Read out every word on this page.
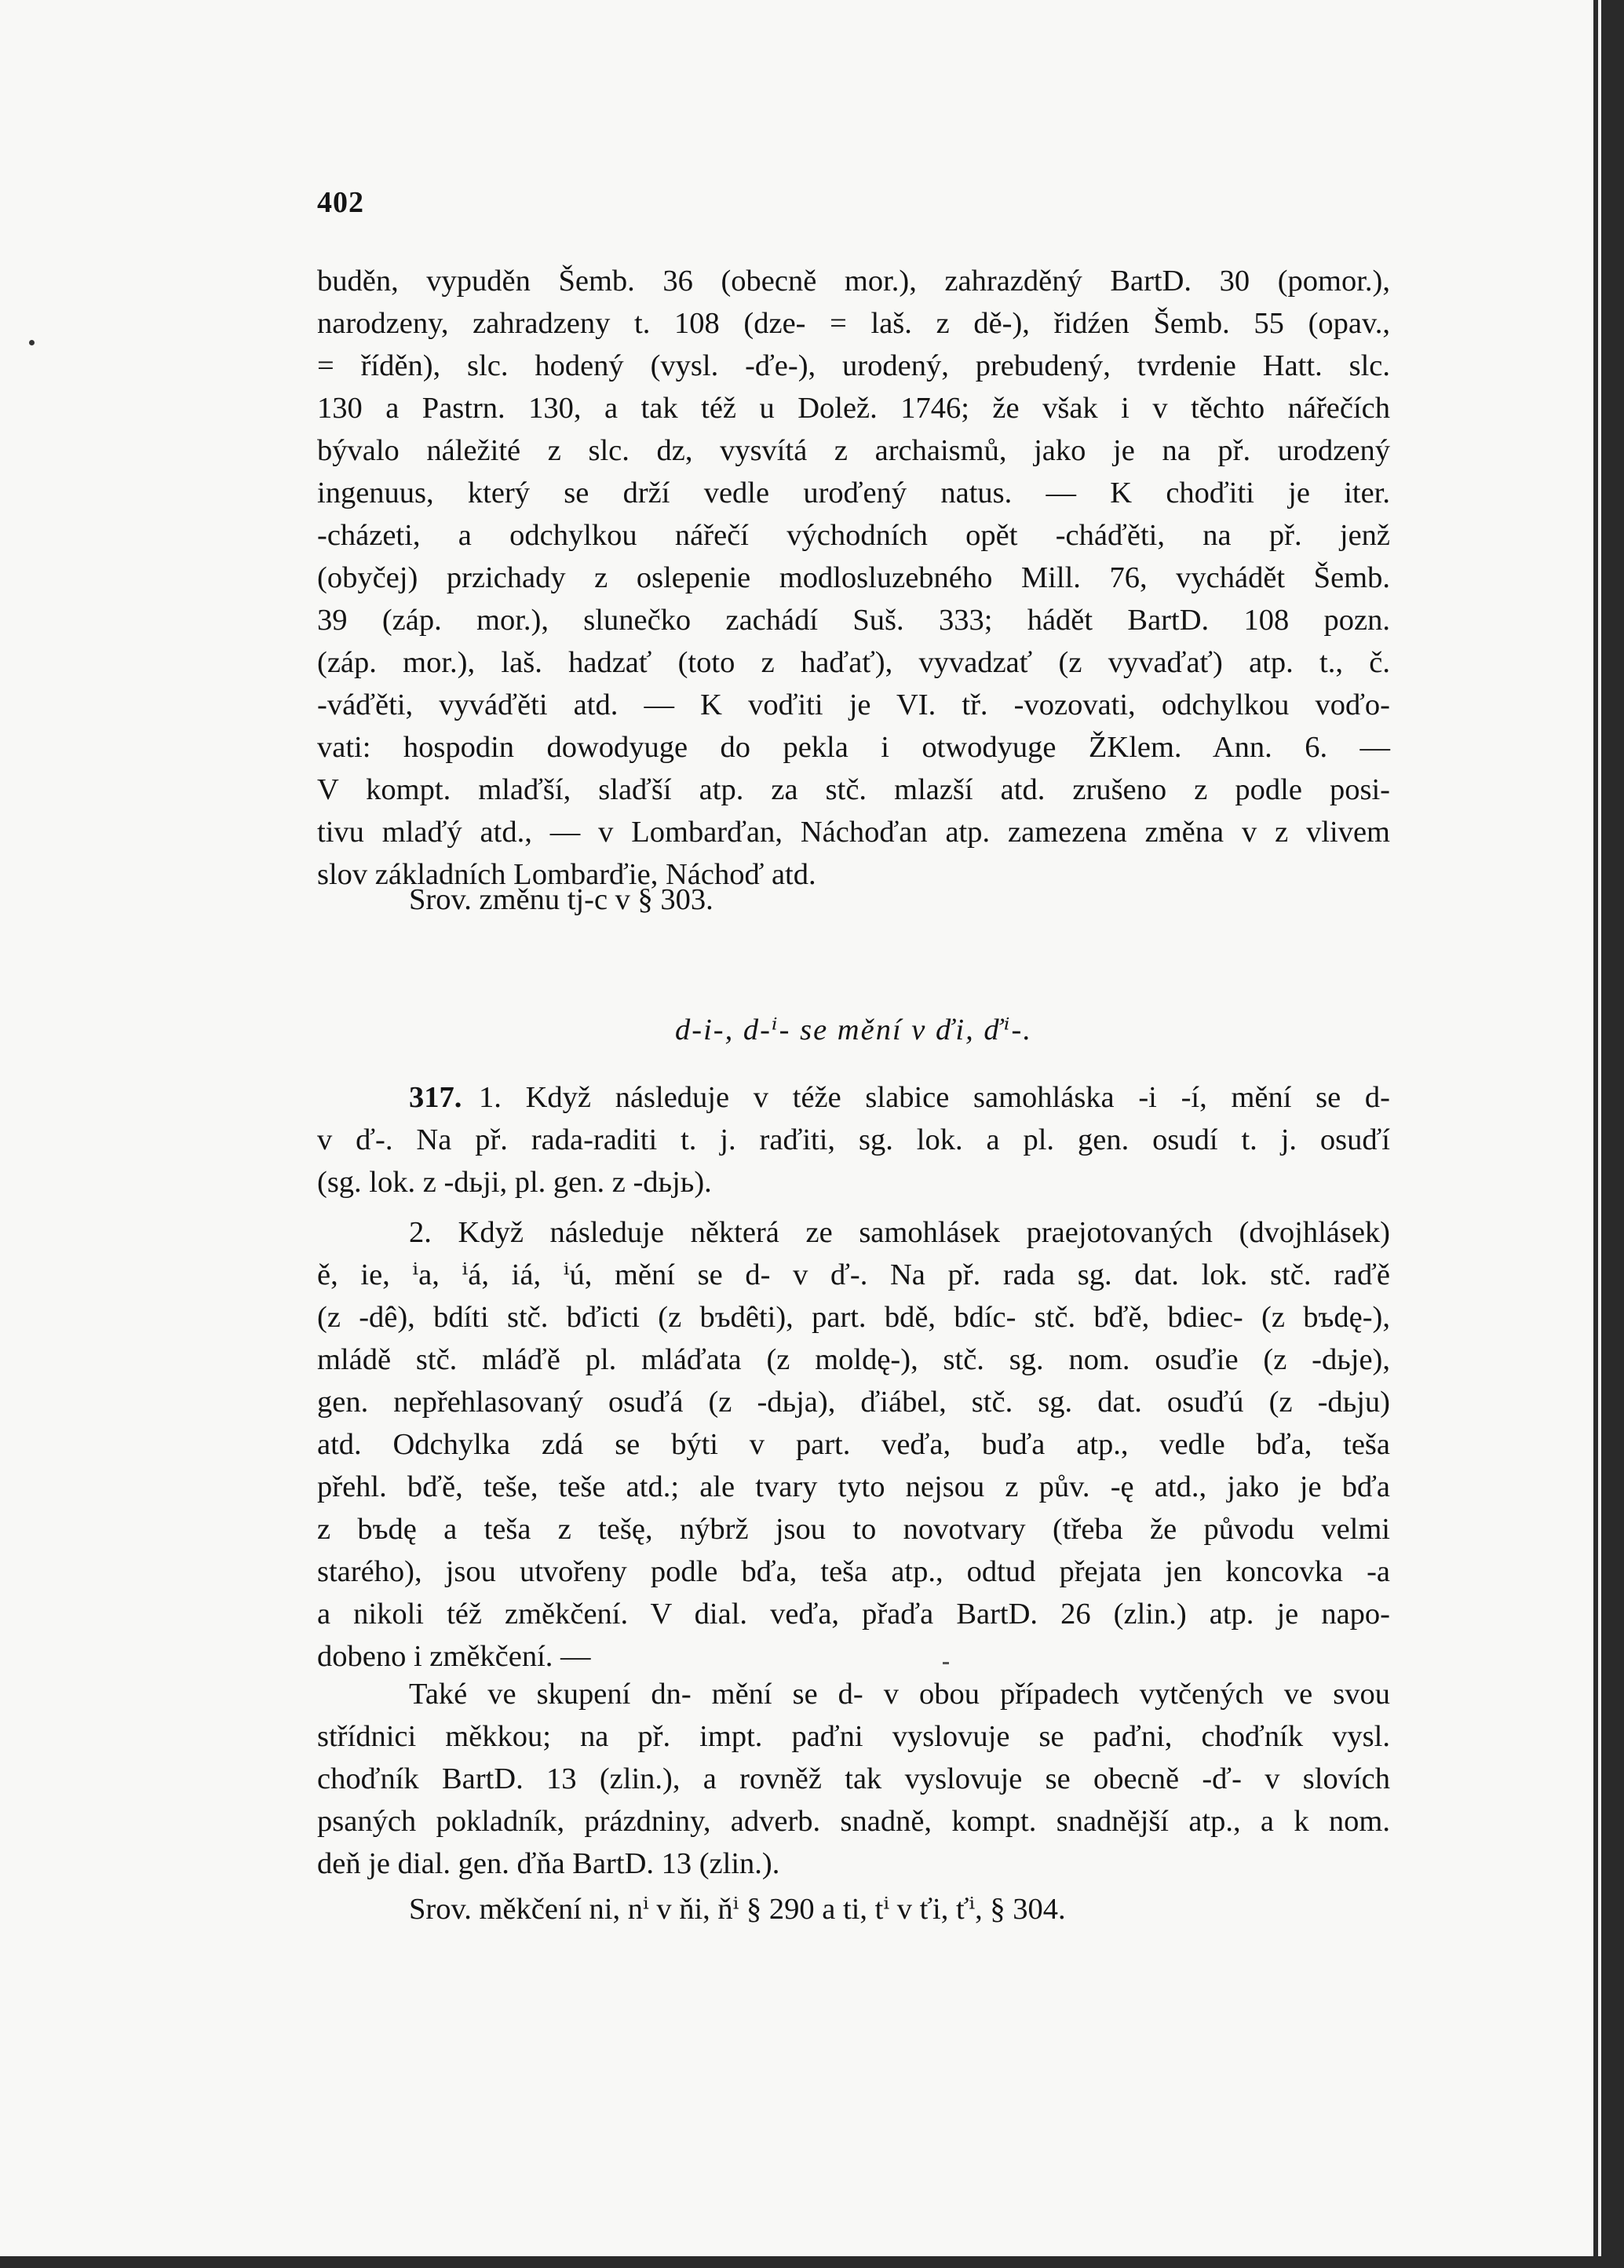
402
buděn, vypuděn Šemb. 36 (obecně mor.), zahrazděný BartD. 30 (pomor.),
narodzeny, zahradzeny t. 108 (dze- = laš. z dě-), řidźen Šemb. 55 (opav.,
= říděn), slc. hodený (vysl. -ďe-), urodený, prebudený, tvrdenie Hatt. slc.
130 a Pastrn. 130, a tak též u Dolež. 1746; že však i v těchto nářečích
bývalo náležité z slc. dz, vysvítá z archaismů, jako je na př. urodzený
ingenuus, který se drží vedle uroďený natus. — K choďiti je iter.
-cházeti, a odchylkou nářečí východních opět -cháďěti, na př. jenž
(obyčej) przichady z oslepenie modlosluzebného Mill. 76, vychádět Šemb.
39 (záp. mor.), slunečko zachádí Suš. 333; hádět BartD. 108 pozn.
(záp. mor.), laš. hadzať (toto z haďať), vyvadzať (z vyvaďať) atp. t., č.
-váďěti, vyváďěti atd. — K voďiti je VI. tř. -vozovati, odchylkou voďo-
vati: hospodin dowodyuge do pekla i otwodyuge ŽKlem. Ann. 6. —
V kompt. mlaďší, slaďší atp. za stč. mlazší atd. zrušeno z podle posi-
tivu mlaďý atd., — v Lombarďan, Náchoďan atp. zamezena změna v z vlivem
slov základních Lombarďie, Náchoď atd.
Srov. změnu tj-c v § 303.
d-i-, d-ⁱ- se mění v ďi, ďⁱ-.
317. 1. Když následuje v téže slabice samohláska -i -í, mění se d-
v ď-. Na př. rada-raditi t. j. raďiti, sg. lok. a pl. gen. osudí t. j. osuďí
(sg. lok. z -dьji, pl. gen. z -dьjь).
2. Když následuje některá ze samohlásek praejotovaných (dvojhlásek)
ě, ie, ⁱa, ⁱá, iá, ⁱú, mění se d- v ď-. Na př. rada sg. dat. lok. stč. raďě
(z -dê), bdíti stč. bďicti (z bъdêti), part. bdě, bdíc- stč. bďě, bdiec- (z bъdę-),
mládě stč. mláďě pl. mláďata (z moldę-), stč. sg. nom. osuďie (z -dьje),
gen. nepřehlasovaný osuďá (z -dьja), ďiábel, stč. sg. dat. osuďú (z -dьju)
atd. Odchylka zdá se býti v part. veďa, buďa atp., vedle bďa, teša
přehl. bďě, teše, teše atd.; ale tvary tyto nejsou z pův. -ę atd., jako je bďa
z bъdę a teša z tešę, nýbrž jsou to novotvary (třeba že původu velmi
starého), jsou utvořeny podle bďa, teša atp., odtud přejata jen koncovka -a
a nikoli též změkčení. V dial. veďa, přaďa BartD. 26 (zlin.) atp. je napo-
dobeno i změkčení. —
Také ve skupení dn- mění se d- v obou případech vytčených ve svou
střídnici měkkou; na př. impt. paďni vyslovuje se paďni, choďník vysl.
choďník BartD. 13 (zlin.), a rovněž tak vyslovuje se obecně -ď- v slovích
psaných pokladník, prázdniny, adverb. snadně, kompt. snadnější atp., a k nom.
deň je dial. gen. ďňa BartD. 13 (zlin.).
Srov. měkčení ni, nⁱ v ňi, ňⁱ § 290 a ti, tⁱ v ťi, ťⁱ, § 304.
